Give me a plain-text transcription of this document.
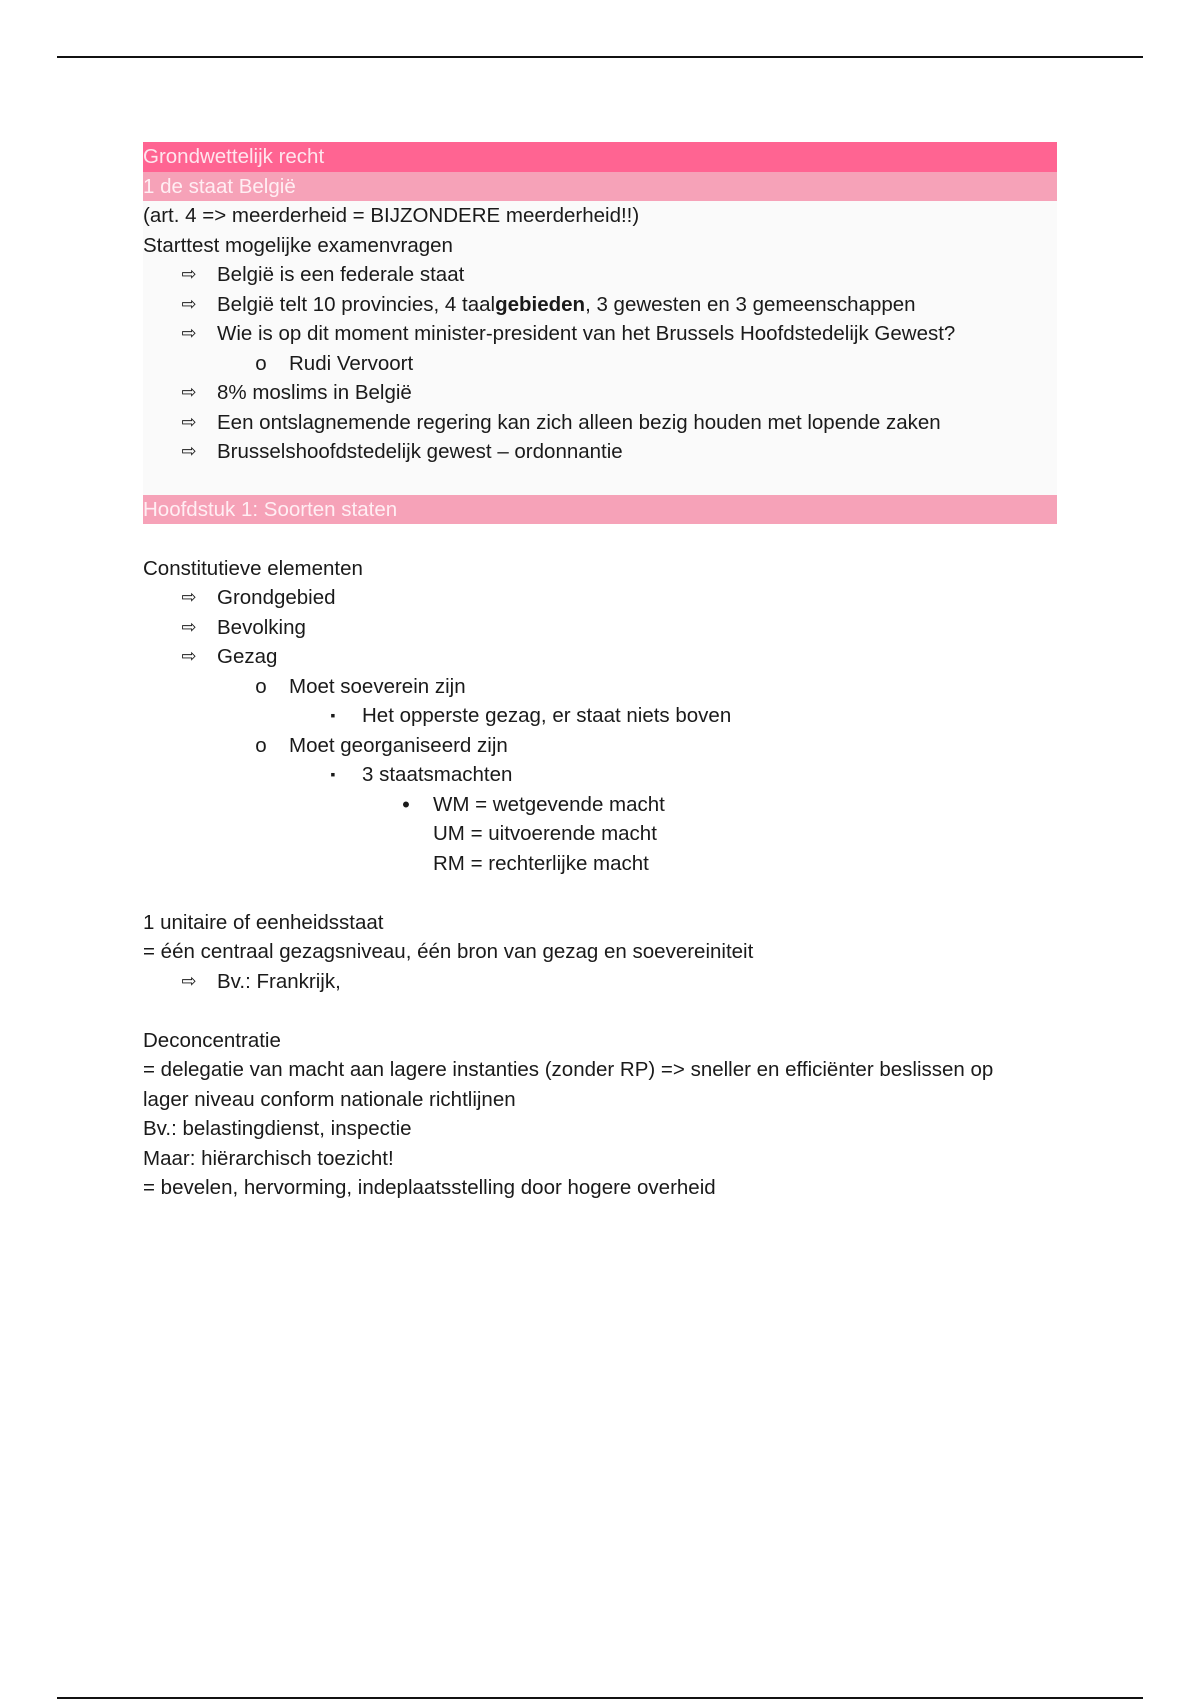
Grondwettelijk recht
1 de staat België
(art. 4 => meerderheid = BIJZONDERE meerderheid!!)
Starttest mogelijke examenvragen
⇨ België is een federale staat
⇨ België telt 10 provincies, 4 taalgebieden, 3 gewesten en 3 gemeenschappen
⇨ Wie is op dit moment minister-president van het Brussels Hoofdstedelijk Gewest?
o Rudi Vervoort
⇨ 8% moslims in België
⇨ Een ontslagnemende regering kan zich alleen bezig houden met lopende zaken
⇨ Brusselshoofdstedelijk gewest – ordonnantie
Hoofdstuk 1: Soorten staten
Constitutieve elementen
⇨ Grondgebied
⇨ Bevolking
⇨ Gezag
o Moet soeverein zijn
▪	Het opperste gezag, er staat niets boven
o Moet georganiseerd zijn
▪	3 staatsmachten
•	WM = wetgevende macht
UM = uitvoerende macht
RM = rechterlijke macht
1 unitaire of eenheidsstaat
= één centraal gezagsniveau, één bron van gezag en soevereiniteit
⇨ Bv.: Frankrijk,
Deconcentratie
= delegatie van macht aan lagere instanties (zonder RP) => sneller en efficiënter beslissen op
lager niveau conform nationale richtlijnen
Bv.: belastingdienst, inspectie
Maar: hiërarchisch toezicht!
= bevelen, hervorming, indeplaatsstelling door hogere overheid
